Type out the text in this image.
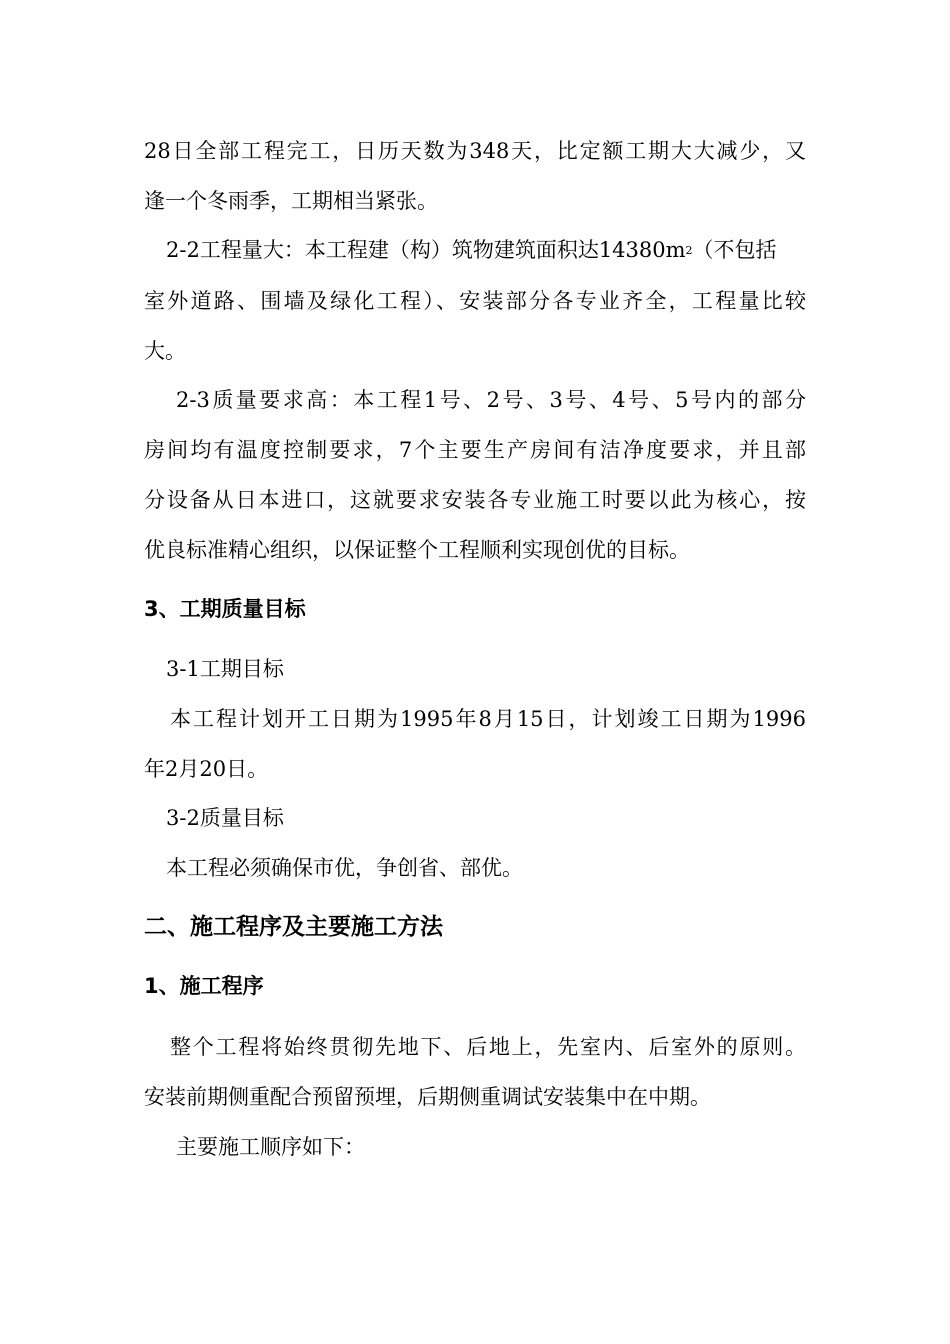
28日全部工程完工，日历天数为348天，比定额工期大大减少，又
逢一个冬雨季，工期相当紧张。
2-2工程量大：本工程建（构）筑物建筑面积达$14380m^2$（不包括
室外道路、围墙及绿化工程）、安装部分各专业齐全，工程量比较
大。
2-3质量要求高：本工程1号、2号、3号、4号、5号内的部分
房间均有温度控制要求，7个主要生产房间有洁净度要求，并且部
分设备从日本进口，这就要求安装各专业施工时要以此为核心，按
优良标准精心组织，以保证整个工程顺利实现创优的目标。
3、工期质量目标
3-1工期目标
本工程计划开工日期为1995年8月15日，计划竣工日期为1996
年2月20日。
3-2质量目标
本工程必须确保市优，争创省、部优。
二、施工程序及主要施工方法
1、施工程序
整个工程将始终贯彻先地下、后地上，先室内、后室外的原则。
安装前期侧重配合预留预埋，后期侧重调试安装集中在中期。
主要施工顺序如下：
